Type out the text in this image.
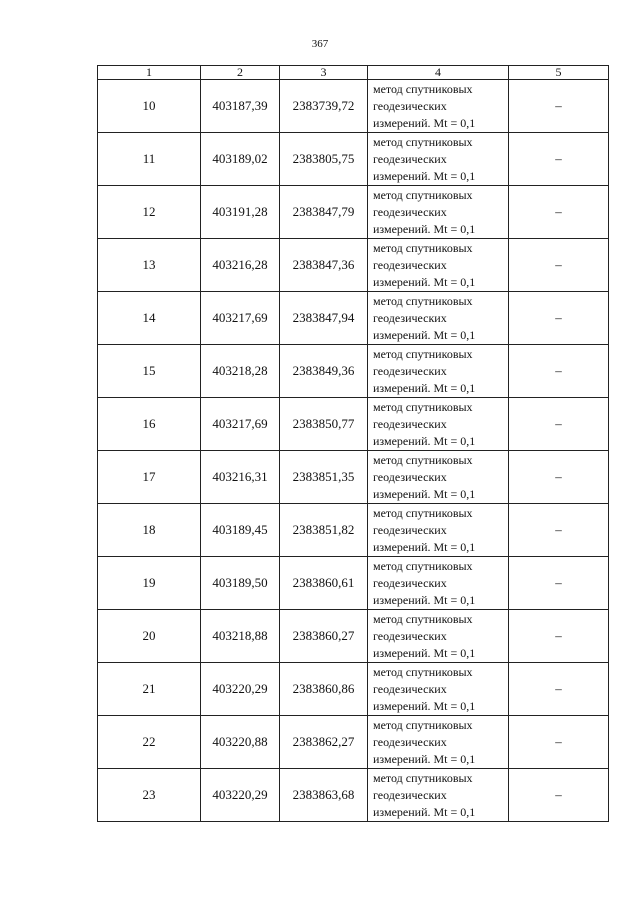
367
1	2	3	4	5
10	403187,39	2383739,72	метод спутниковых
геодезических
измерений. Mt = 0,1	–
11	403189,02	2383805,75	метод спутниковых
геодезических
измерений. Mt = 0,1	–
12	403191,28	2383847,79	метод спутниковых
геодезических
измерений. Mt = 0,1	–
13	403216,28	2383847,36	метод спутниковых
геодезических
измерений. Mt = 0,1	–
14	403217,69	2383847,94	метод спутниковых
геодезических
измерений. Mt = 0,1	–
15	403218,28	2383849,36	метод спутниковых
геодезических
измерений. Mt = 0,1	–
16	403217,69	2383850,77	метод спутниковых
геодезических
измерений. Mt = 0,1	–
17	403216,31	2383851,35	метод спутниковых
геодезических
измерений. Mt = 0,1	–
18	403189,45	2383851,82	метод спутниковых
геодезических
измерений. Mt = 0,1	–
19	403189,50	2383860,61	метод спутниковых
геодезических
измерений. Mt = 0,1	–
20	403218,88	2383860,27	метод спутниковых
геодезических
измерений. Mt = 0,1	–
21	403220,29	2383860,86	метод спутниковых
геодезических
измерений. Mt = 0,1	–
22	403220,88	2383862,27	метод спутниковых
геодезических
измерений. Mt = 0,1	–
23	403220,29	2383863,68	метод спутниковых
геодезических
измерений. Mt = 0,1	–
